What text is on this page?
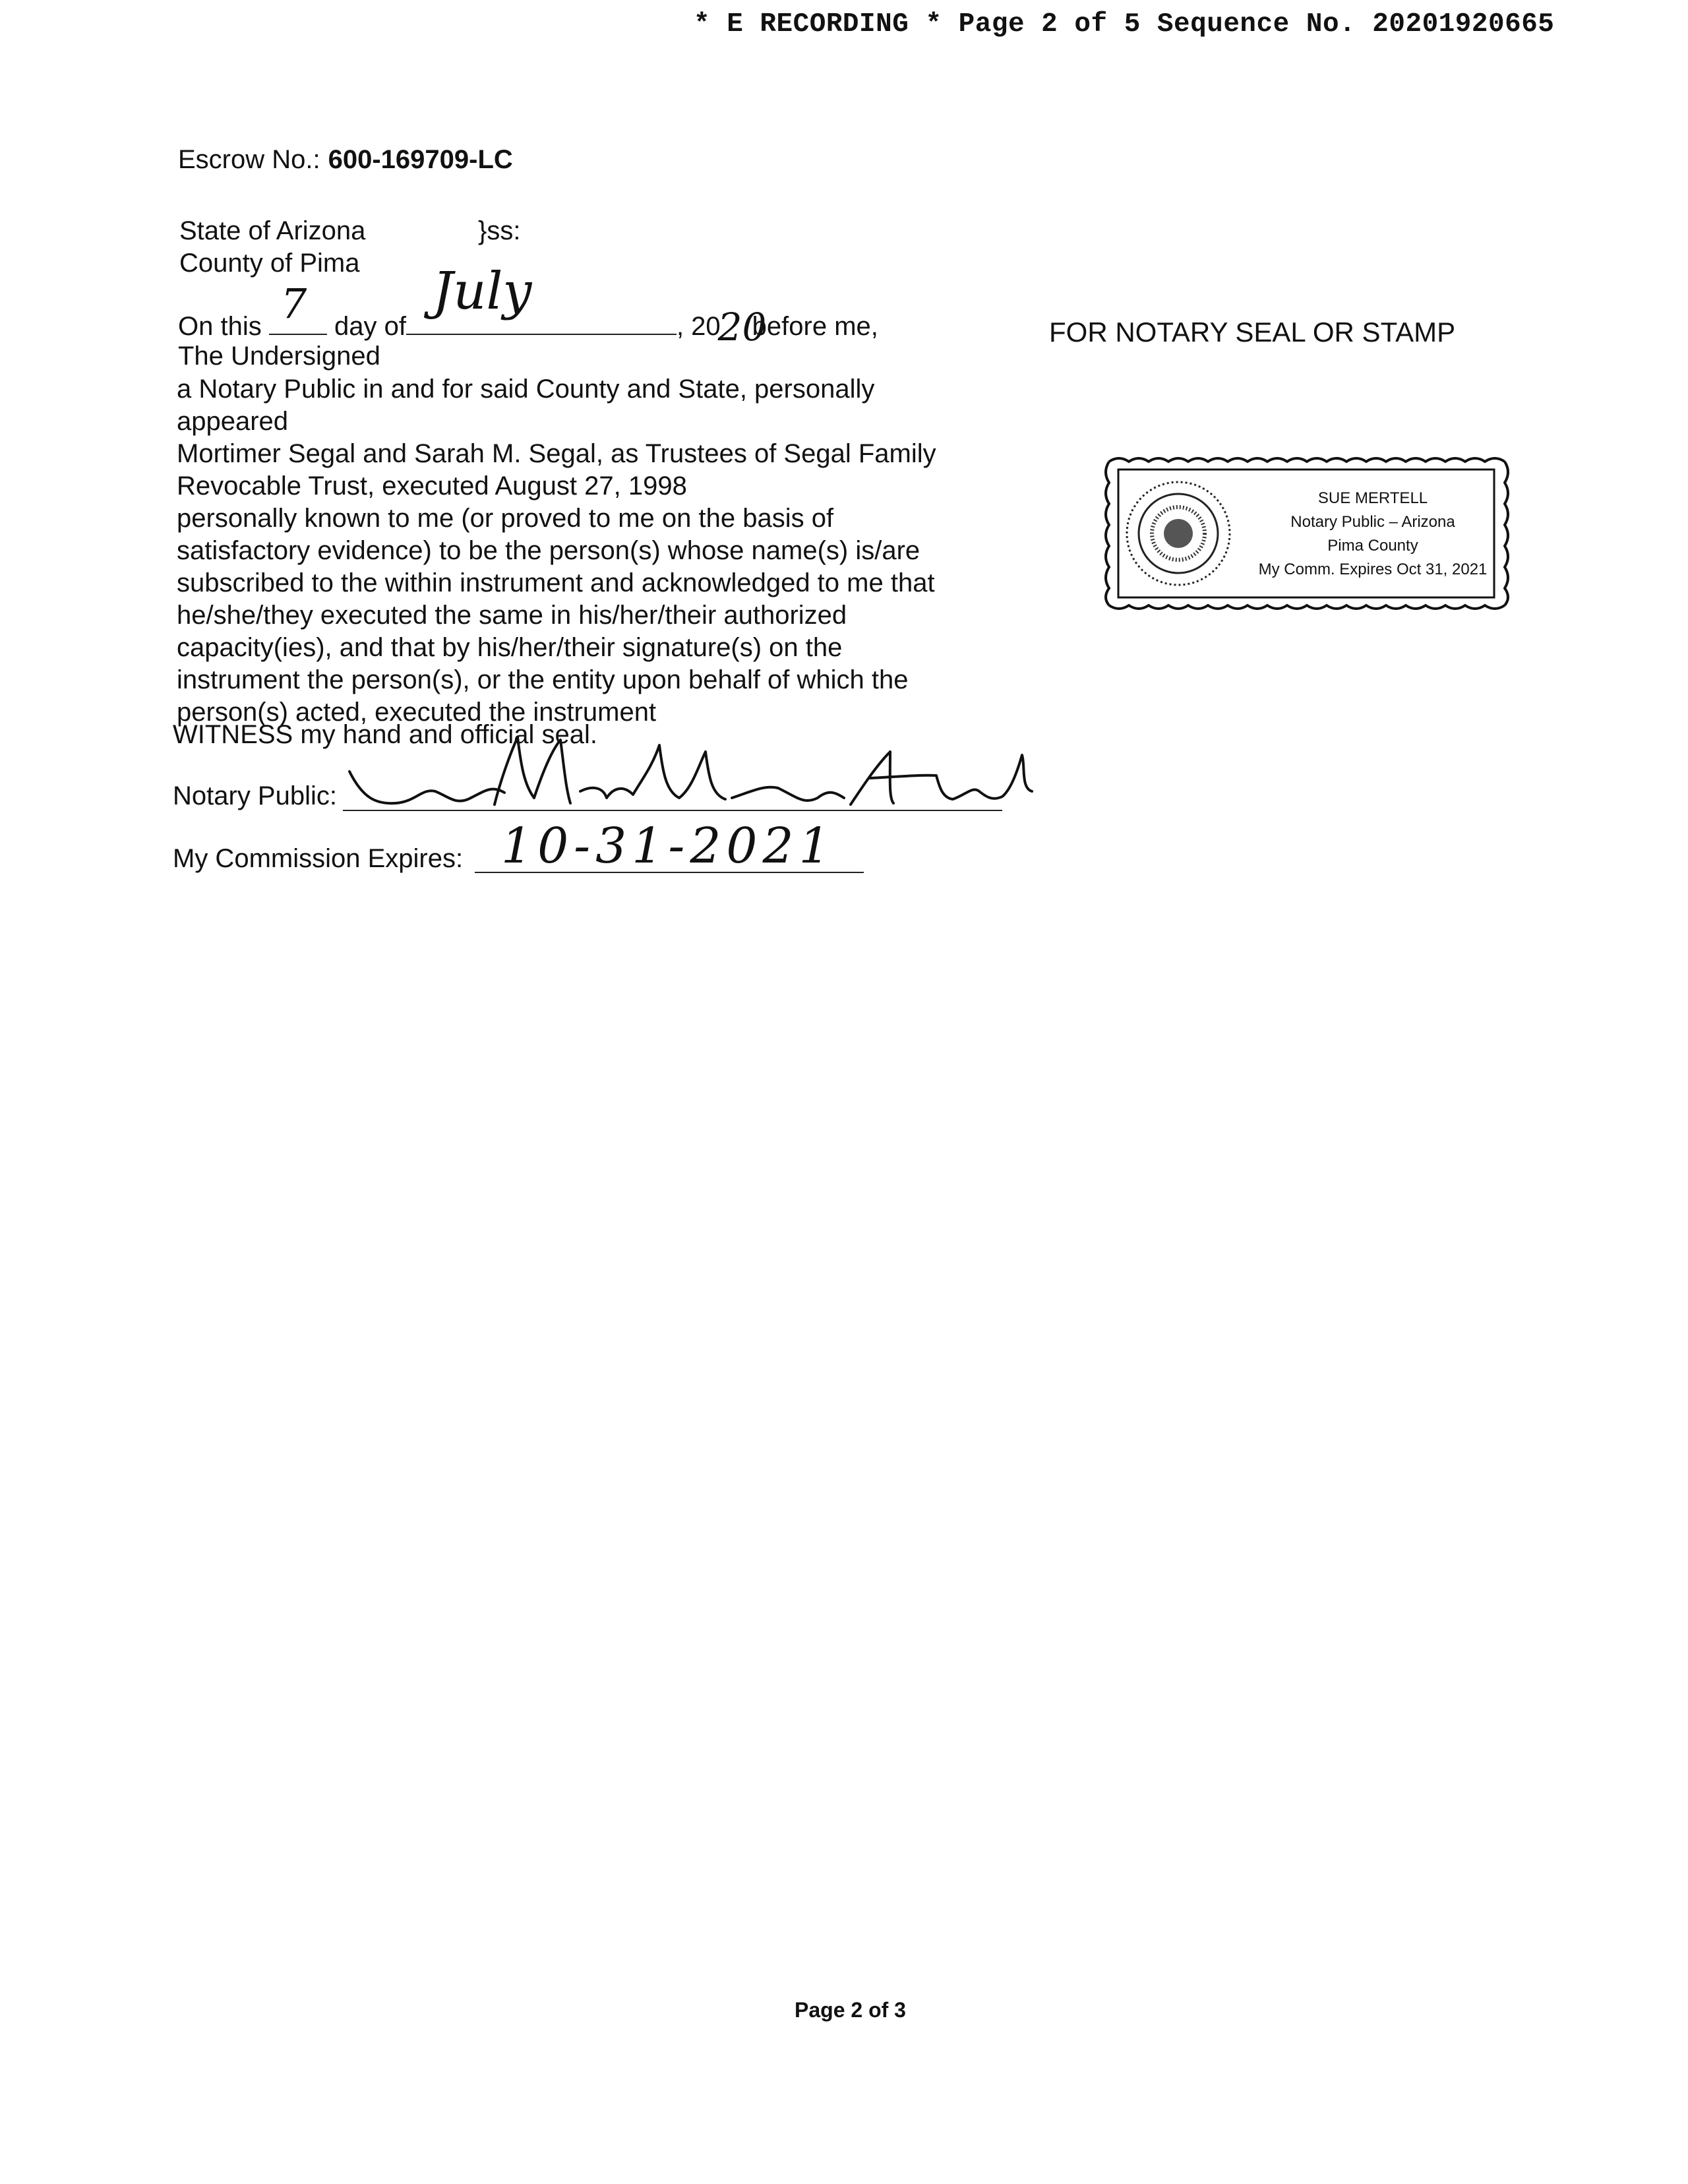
* E RECORDING * Page 2 of 5 Sequence No. 20201920665
Escrow No.: 600-169709-LC
State of Arizona	}ss:
County of Pima
On this 7 day of
July
, 20
20
before me,
The Undersigned
a Notary Public in and for said County and State, personally
appeared
Mortimer Segal and Sarah M. Segal, as Trustees of Segal Family
Revocable Trust, executed August 27, 1998
personally known to me (or proved to me on the basis of
satisfactory evidence) to be the person(s) whose name(s) is/are
subscribed to the within instrument and acknowledged to me that
he/she/they executed the same in his/her/their authorized
capacity(ies), and that by his/her/their signature(s) on the
instrument the person(s), or the entity upon behalf of which the
person(s) acted, executed the instrument
WITNESS my hand and official seal.
Notary Public:
My Commission Expires: 10-31-2021
FOR NOTARY SEAL OR STAMP
SUE MERTELL
Notary Public – Arizona
Pima County
My Comm. Expires Oct 31, 2021
Page 2 of 3
